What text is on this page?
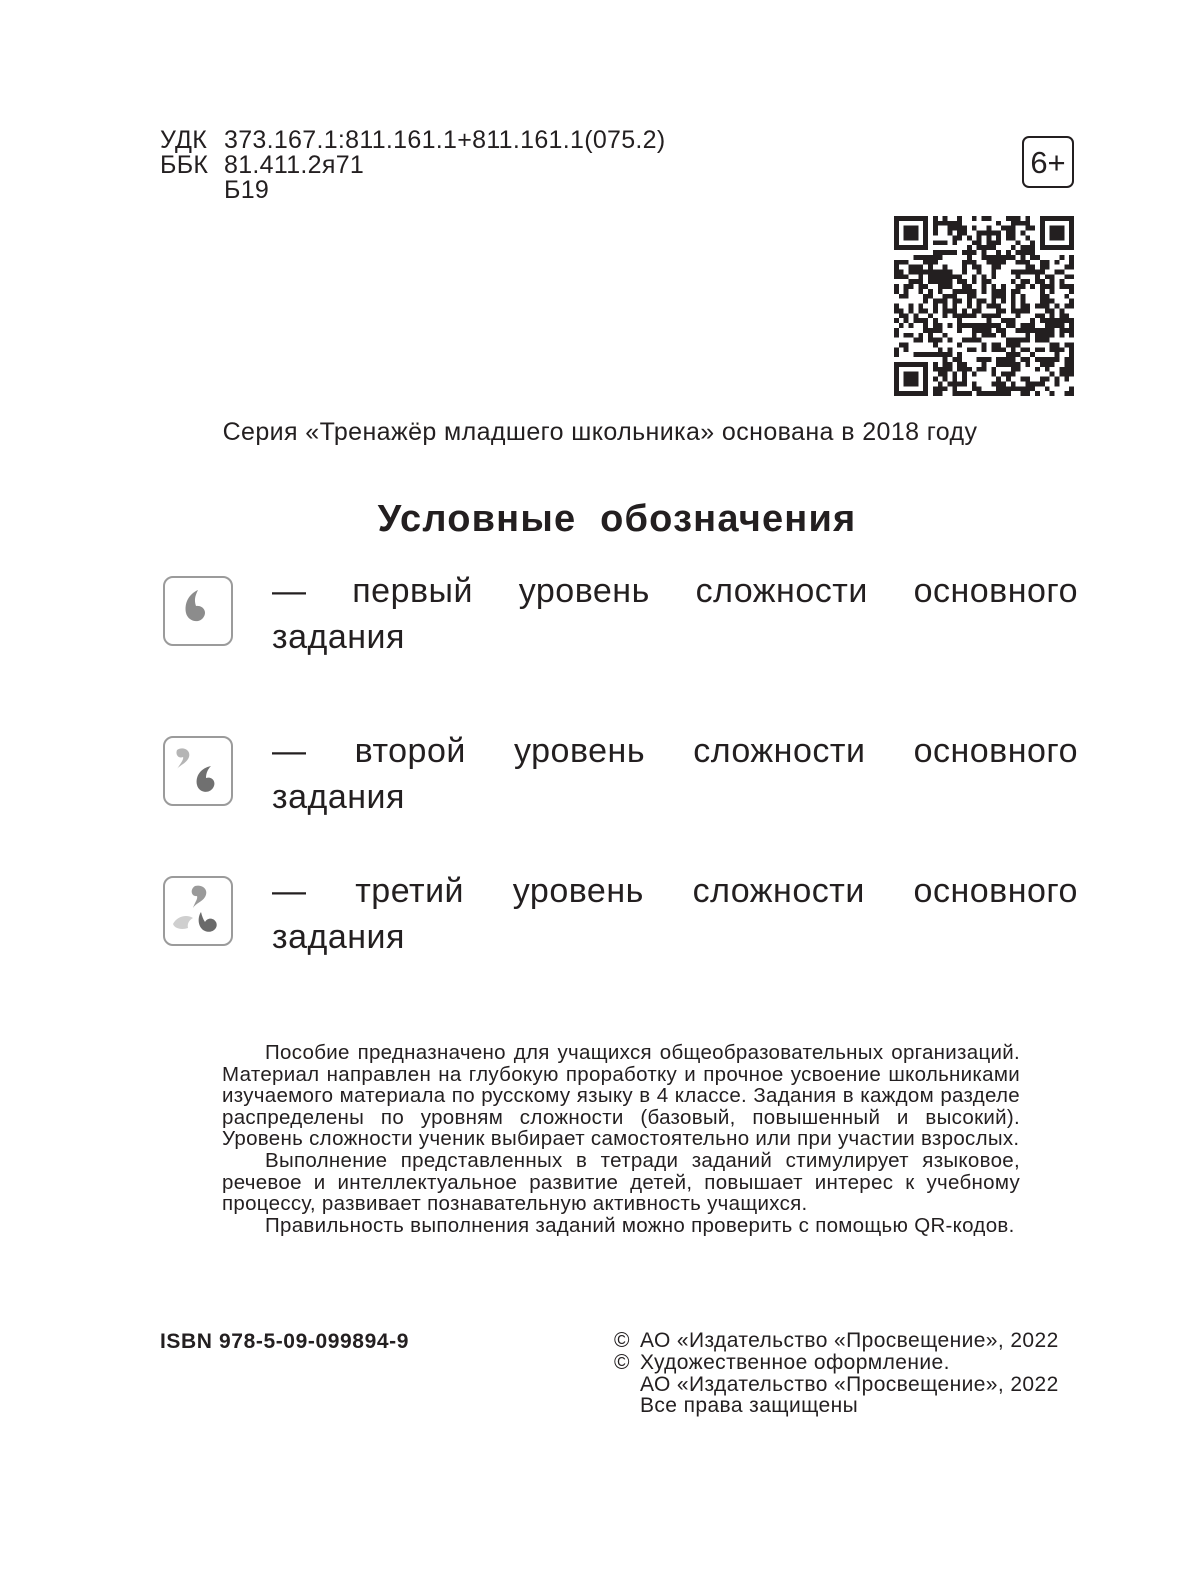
УДК 373.167.1:811.161.1+811.161.1(075.2)
ББК 81.411.2я71
Б19
6+
Серия «Тренажёр младшего школьника» основана в 2018 году
Условные обозначения
— первый уровень сложности основного
задания
— второй уровень сложности основного
задания
— третий уровень сложности основного
задания

Пособие предназначено для учащихся общеобразовательных организаций. Материал направлен на глубокую проработку и прочное усвоение школьниками изучаемого материала по русскому языку в 4 классе. Задания в каждом разделе распределены по уровням сложности (базовый, повышенный и высокий). Уровень сложности ученик выбирает самостоятельно или при участии взрослых.

Выполнение представленных в тетради заданий стимулирует языковое, речевое и интеллектуальное развитие детей, повышает интерес к учебному процессу, развивает познавательную активность учащихся.

Правильность выполнения заданий можно проверить с помощью QR-кодов.

ISBN 978-5-09-099894-9	© АО «Издательство «Просвещение», 2022
© Художественное оформление.
АО «Издательство «Просвещение», 2022
Все права защищены
